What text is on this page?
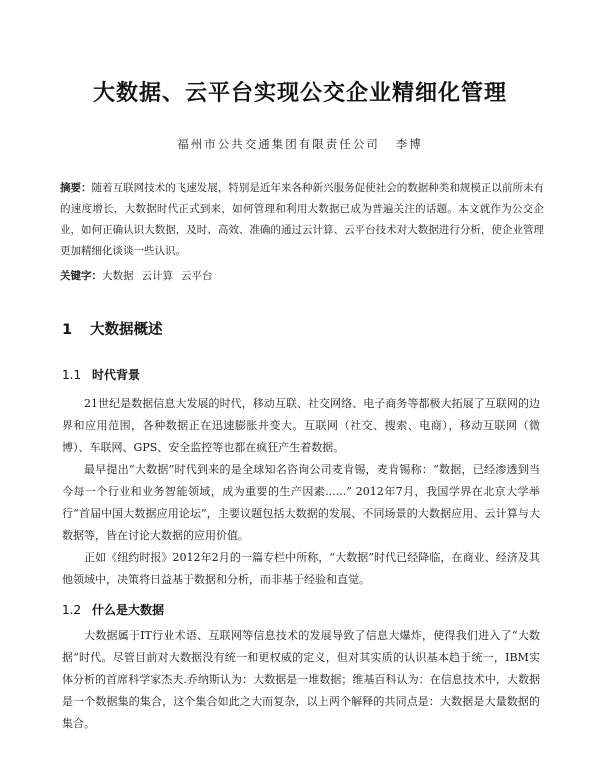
大数据、云平台实现公交企业精细化管理
福州市公共交通集团有限责任公司 李博
摘要：随着互联网技术的飞速发展，特别是近年来各种新兴服务促使社会的数据种类和规模正以前所未有的速度增长，大数据时代正式到来，如何管理和利用大数据已成为普遍关注的话题。本文就作为公交企业，如何正确认识大数据，及时、高效、准确的通过云计算、云平台技术对大数据进行分析，使企业管理更加精细化谈谈一些认识。
关键字：大数据 云计算 云平台
1 大数据概述
1.1 时代背景

21世纪是数据信息大发展的时代，移动互联、社交网络、电子商务等都极大拓展了互联网的边界和应用范围，各种数据正在迅速膨胀并变大。互联网（社交、搜索、电商），移动互联网（微博）、车联网、GPS、安全监控等也都在疯狂产生着数据。

最早提出“大数据”时代到来的是全球知名咨询公司麦肯锡，麦肯锡称：“数据，已经渗透到当今每一个行业和业务智能领域，成为重要的生产因素......” 2012年7月，我国学界在北京大学举行“首届中国大数据应用论坛”，主要议题包括大数据的发展、不同场景的大数据应用、云计算与大数据等，皆在讨论大数据的应用价值。

正如《纽约时报》2012年2月的一篇专栏中所称，“大数据”时代已经降临，在商业、经济及其他领域中，决策将日益基于数据和分析，而非基于经验和直觉。

1.2 什么是大数据

大数据属于IT行业术语、互联网等信息技术的发展导致了信息大爆炸，使得我们进入了“大数据”时代。尽管目前对大数据没有统一和更权威的定义，但对其实质的认识基本趋于统一，IBM实体分析的首席科学家杰夫.乔纳斯认为：大数据是一堆数据；维基百科认为：在信息技术中，大数据是一个数据集的集合，这个集合如此之大而复杂，以上两个解释的共同点是：大数据是大量数据的集合。
